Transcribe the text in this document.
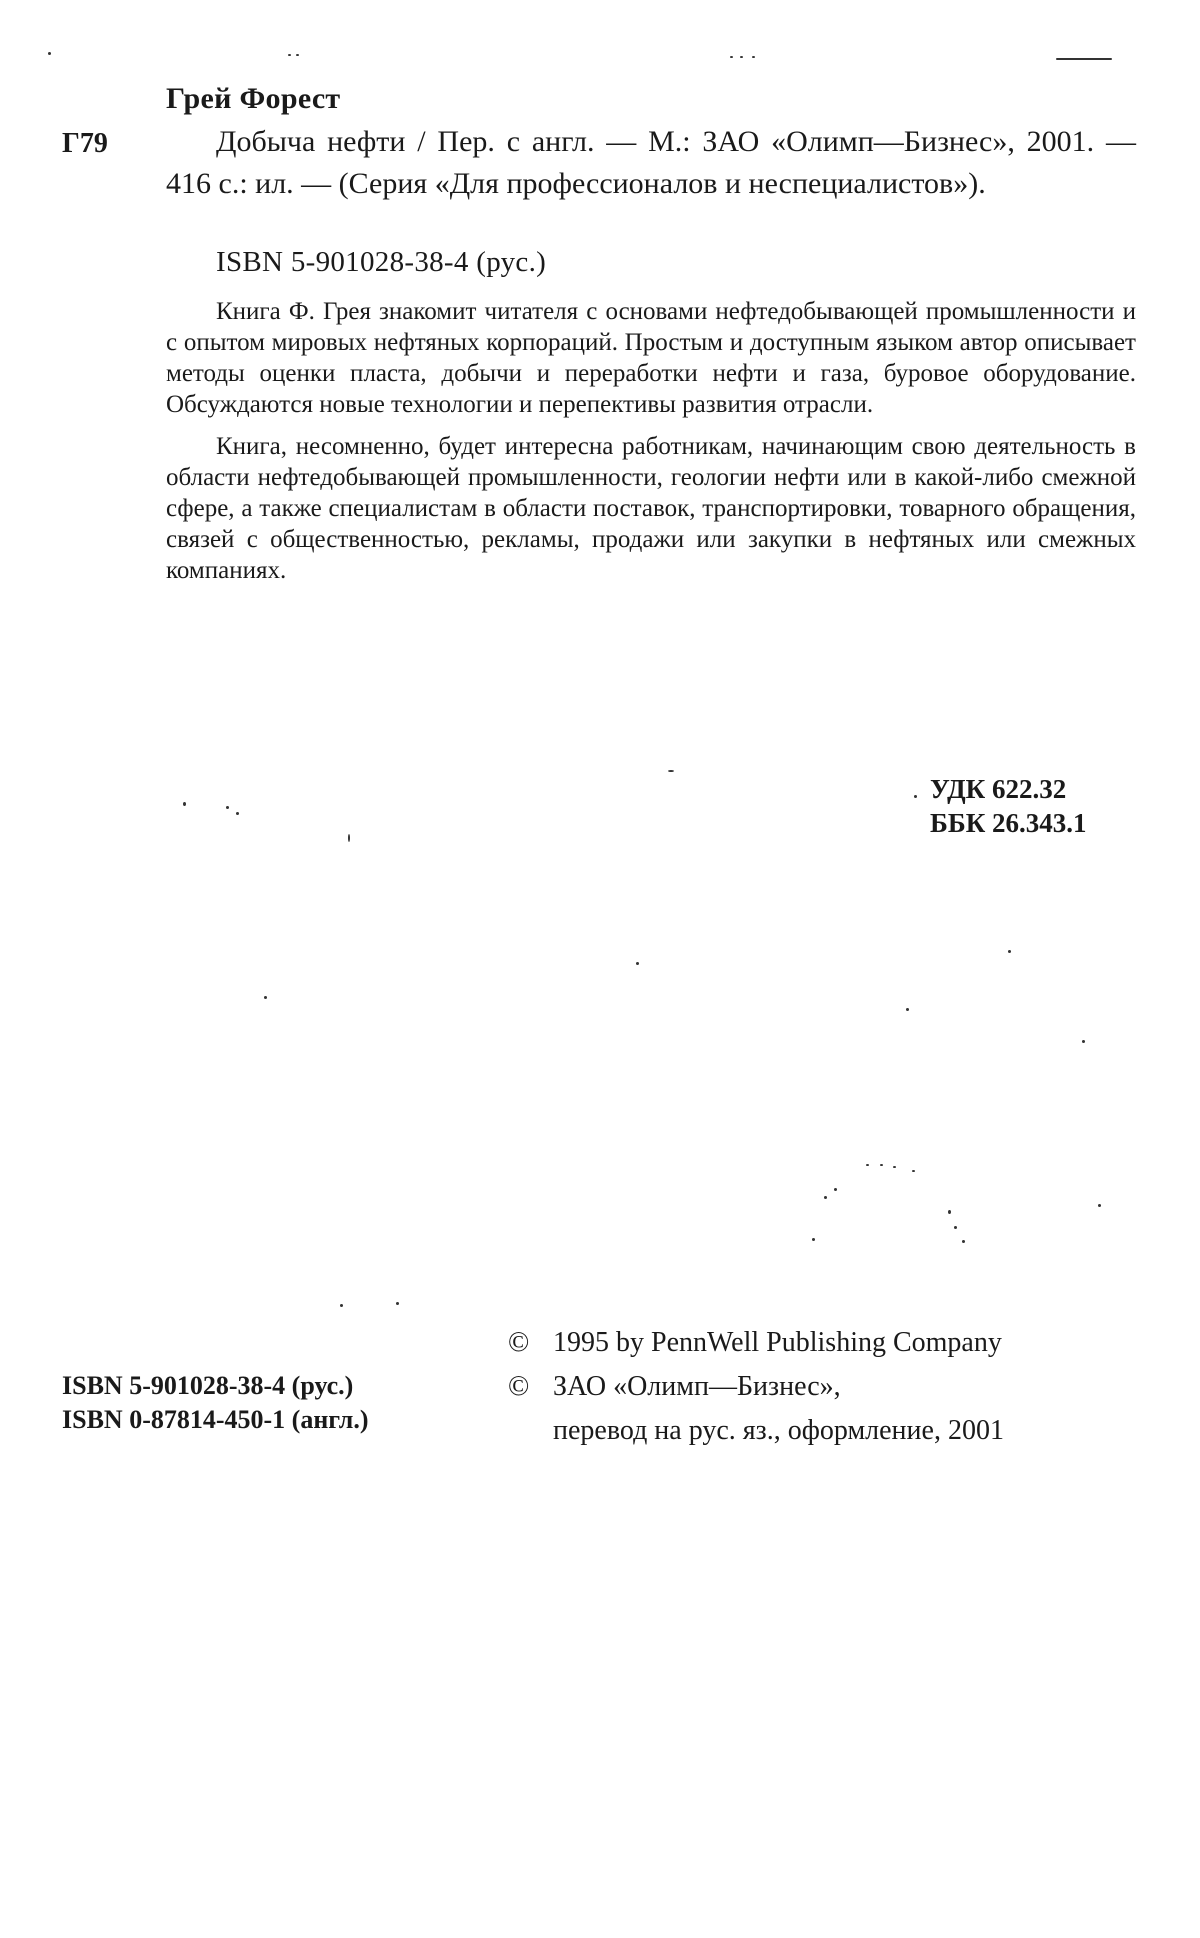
Грей Форест
Г79	Добыча нефти / Пер. с англ. — М.: ЗАО «Олимп—Бизнес», 2001. — 416 с.: ил. — (Серия «Для профессионалов и неспециалистов»).
ISBN 5-901028-38-4 (рус.)

Книга Ф. Грея знакомит читателя с основами нефтедобывающей промышленности и с опытом мировых нефтяных корпораций. Простым и доступным языком автор описывает методы оценки пласта, добычи и переработки нефти и газа, буровое оборудование. Обсуждаются новые технологии и перепективы развития отрасли.

Книга, несомненно, будет интересна работникам, начинающим свою деятельность в области нефтедобывающей промышленности, геологии нефти или в какой-либо смежной сфере, а также специалистам в области поставок, транспортировки, товарного обращения, связей с общественностью, рекламы, продажи или закупки в нефтяных или смежных компаниях.

УДК 622.32
ББК 26.343.1
© 1995 by PennWell Publishing Company
© ЗАО «Олимп—Бизнес»,
перевод на рус. яз., оформление, 2001
ISBN 5-901028-38-4 (рус.)
ISBN 0-87814-450-1 (англ.)
